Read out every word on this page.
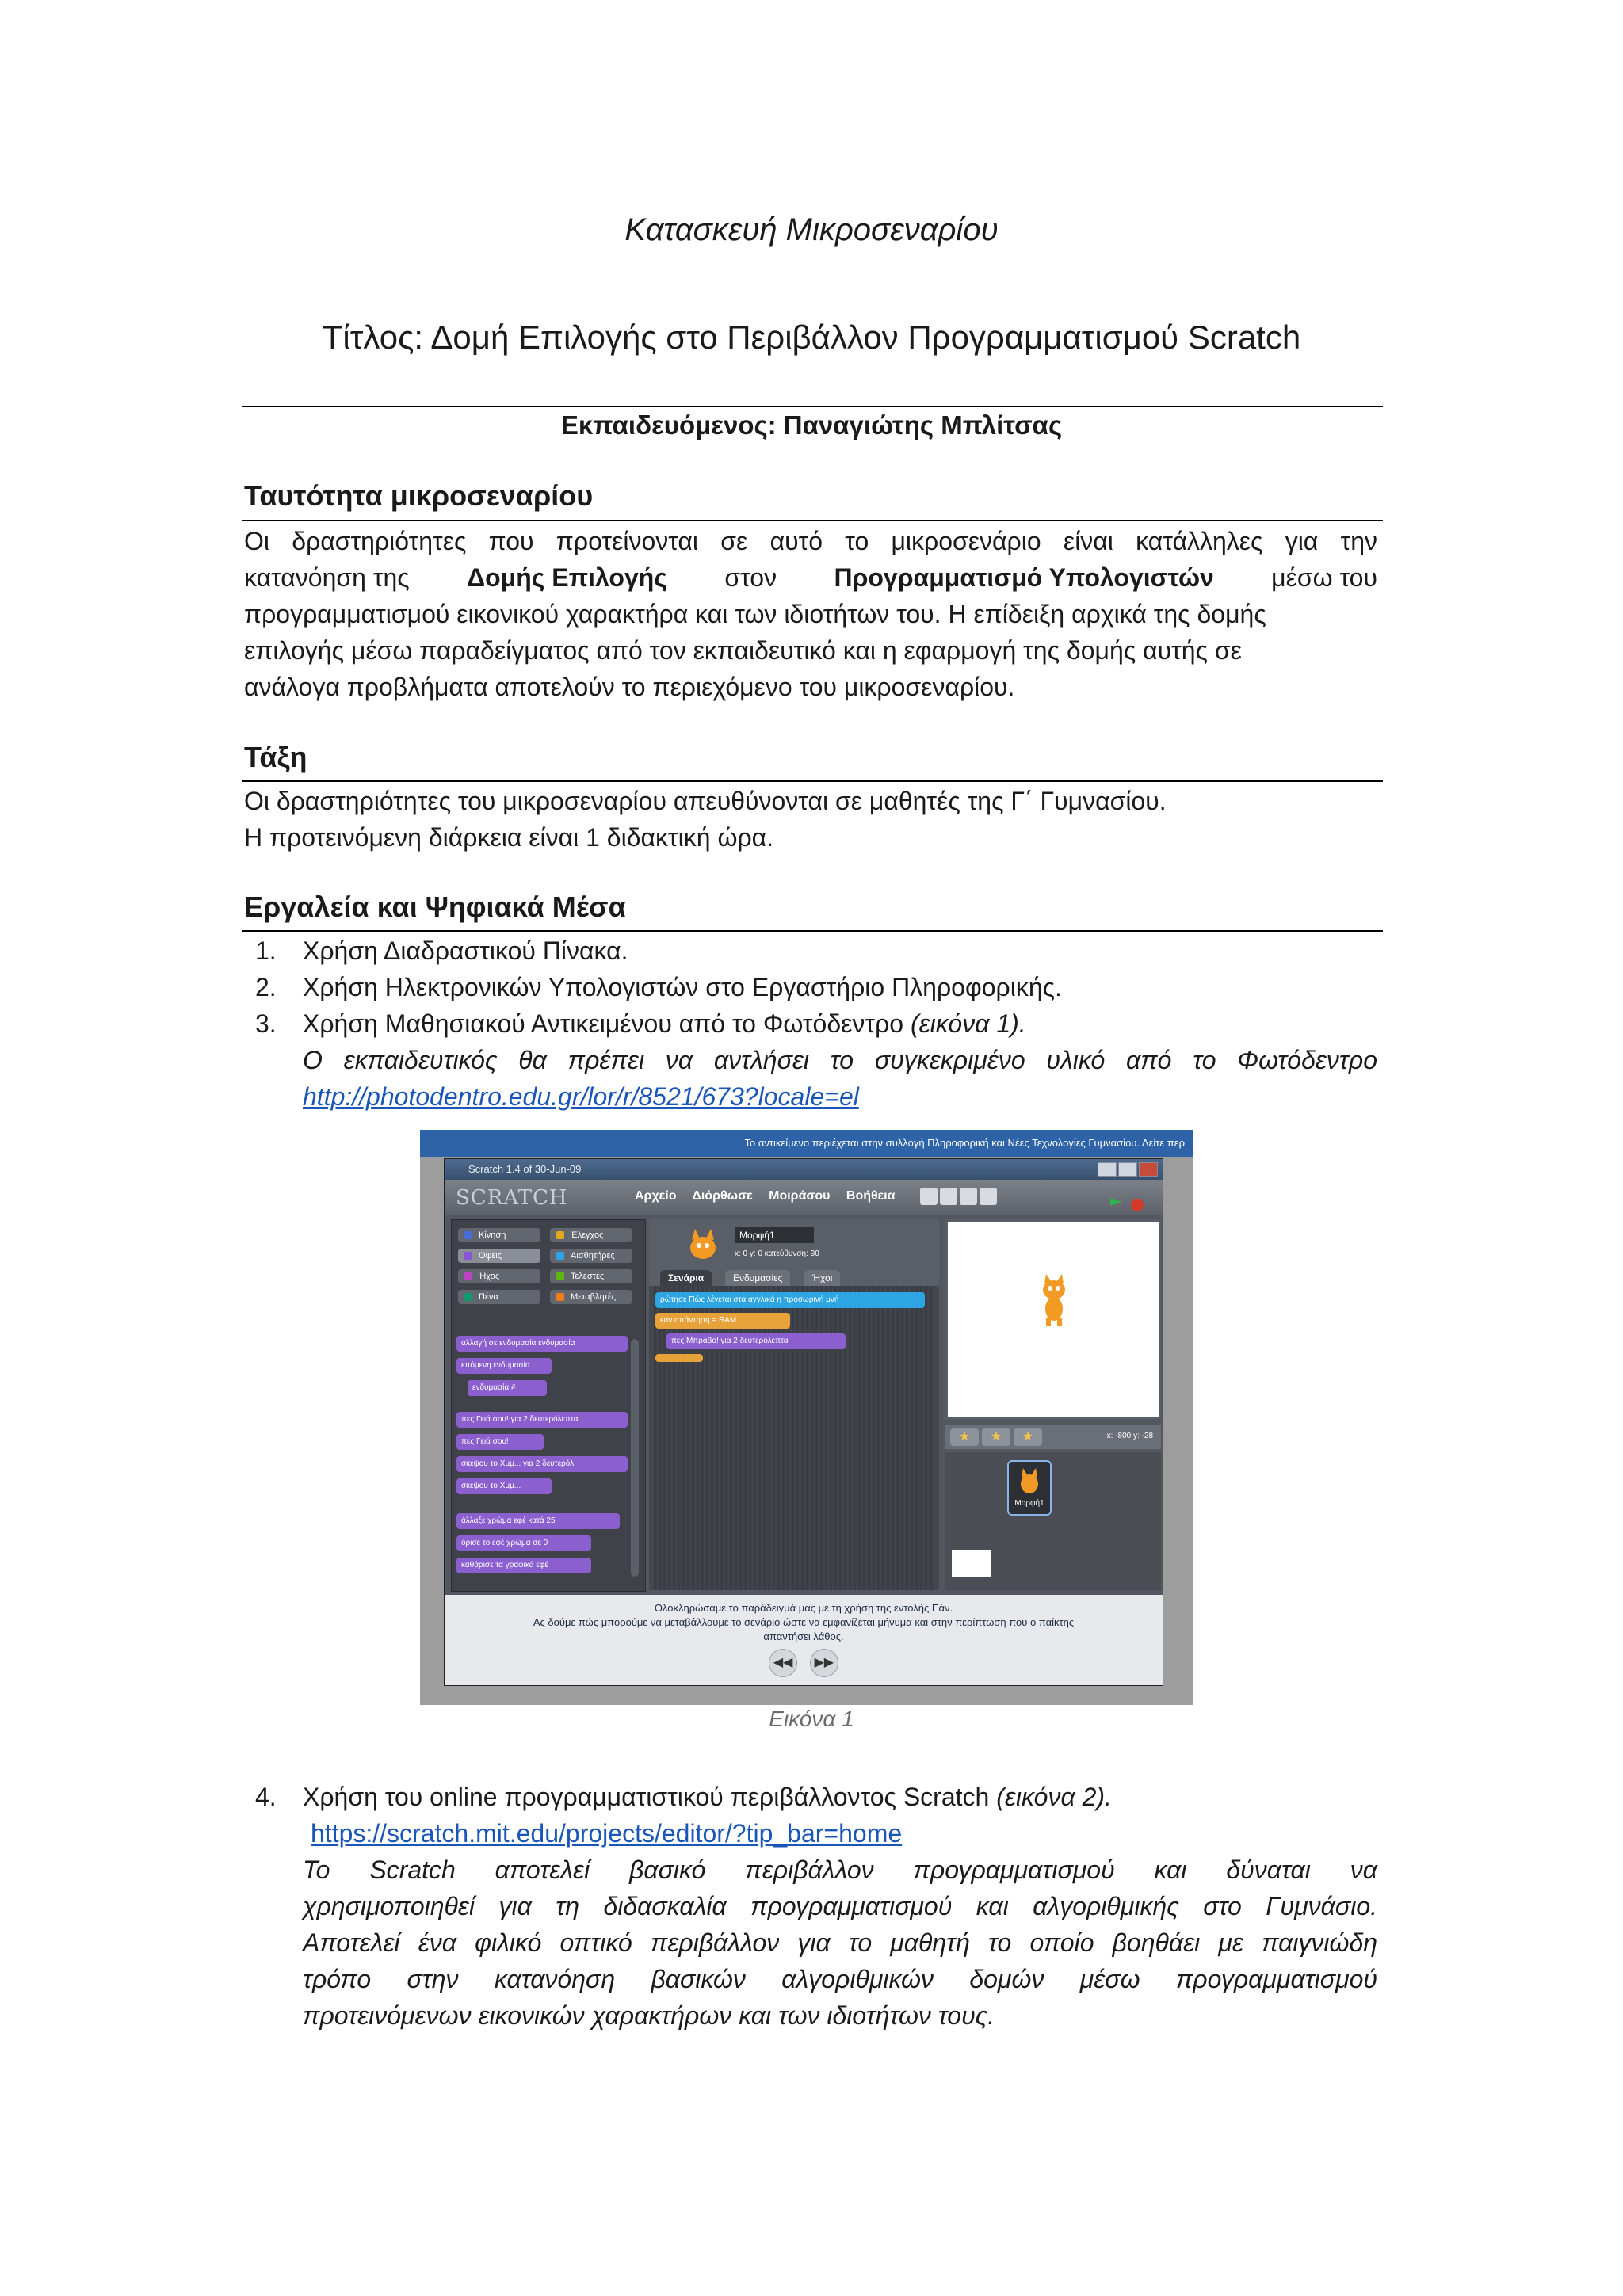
Κατασκευή Μικροσεναρίου
Τίτλος: Δομή Επιλογής στο Περιβάλλον Προγραμματισμού Scratch
Εκπαιδευόμενος: Παναγιώτης Μπλίτσας
Ταυτότητα μικροσεναρίου
Οι δραστηριότητες που προτείνονται σε αυτό το μικροσενάριο είναι κατάλληλες για την
κατανόηση της Δομής Επιλογής στον Προγραμματισμό Υπολογιστών μέσω του
προγραμματισμού εικονικού χαρακτήρα και των ιδιοτήτων του. Η επίδειξη αρχικά της δομής
επιλογής μέσω παραδείγματος από τον εκπαιδευτικό και η εφαρμογή της δομής αυτής σε
ανάλογα προβλήματα αποτελούν το περιεχόμενο του μικροσεναρίου.
Τάξη
Οι δραστηριότητες του μικροσεναρίου απευθύνονται σε μαθητές της Γ΄ Γυμνασίου.
Η προτεινόμενη διάρκεια είναι 1 διδακτική ώρα.
Εργαλεία και Ψηφιακά Μέσα
1. Χρήση Διαδραστικού Πίνακα.
2. Χρήση Ηλεκτρονικών Υπολογιστών στο Εργαστήριο Πληροφορικής.
3. Χρήση Μαθησιακού Αντικειμένου από το Φωτόδεντρο (εικόνα 1).
Ο εκπαιδευτικός θα πρέπει να αντλήσει το συγκεκριμένο υλικό από το Φωτόδεντρο
http://photodentro.edu.gr/lor/r/8521/673?locale=el
Το αντικείμενο περιέχεται στην συλλογή Πληροφορική και Νέες Τεχνολογίες Γυμνασίου. Δείτε περ
Scratch 1.4 of 30-Jun-09
SCRATCH	Αρχείο Διόρθωσε Μοιράσου Βοήθεια
Κίνηση	Έλεγχος
Όψεις	Αισθητήρες
Ήχος	Τελεστές
Πένα	Μεταβλητές
αλλαγή σε ενδυμασία ενδυμασία
επόμενη ενδυμασία
ενδυμασία #
πες Γειά σου! για 2 δευτερόλεπτα
πες Γειά σου!
σκέψου το Χμμ... για 2 δευτερόλ
σκέψου το Χμμ...
άλλαξε χρώμα εφέ κατά 25
όρισε το εφέ χρώμα σε 0
καθάρισε τα γραφικά εφέ
Μορφή1
x: 0 y: 0 κατεύθυνση: 90
Σενάρια	Ενδυμασίες	Ήχοι
ρώτησε Πώς λέγεται στα αγγλικά η προσωρινή μνή
εάν απάντηση = RAM
πες Μπράβο! για 2 δευτερόλεπτα
★	★	★	x: -800 y: -28
Μορφή1
Ολοκληρώσαμε το παράδειγμά μας με τη χρήση της εντολής Εάν.
Ας δούμε πώς μπορούμε να μεταβάλλουμε το σενάριο ώστε να εμφανίζεται μήνυμα και στην περίπτωση που ο παίκτης
απαντήσει λάθος.
◀◀ ▶▶
Εικόνα 1
4. Χρήση του online προγραμματιστικού περιβάλλοντος Scratch (εικόνα 2).
https://scratch.mit.edu/projects/editor/?tip_bar=home
Το Scratch αποτελεί βασικό περιβάλλον προγραμματισμού και δύναται να
χρησιμοποιηθεί για τη διδασκαλία προγραμματισμού και αλγοριθμικής στο Γυμνάσιο.
Αποτελεί ένα φιλικό οπτικό περιβάλλον για το μαθητή το οποίο βοηθάει με παιγνιώδη
τρόπο στην κατανόηση βασικών αλγοριθμικών δομών μέσω προγραμματισμού
προτεινόμενων εικονικών χαρακτήρων και των ιδιοτήτων τους.
